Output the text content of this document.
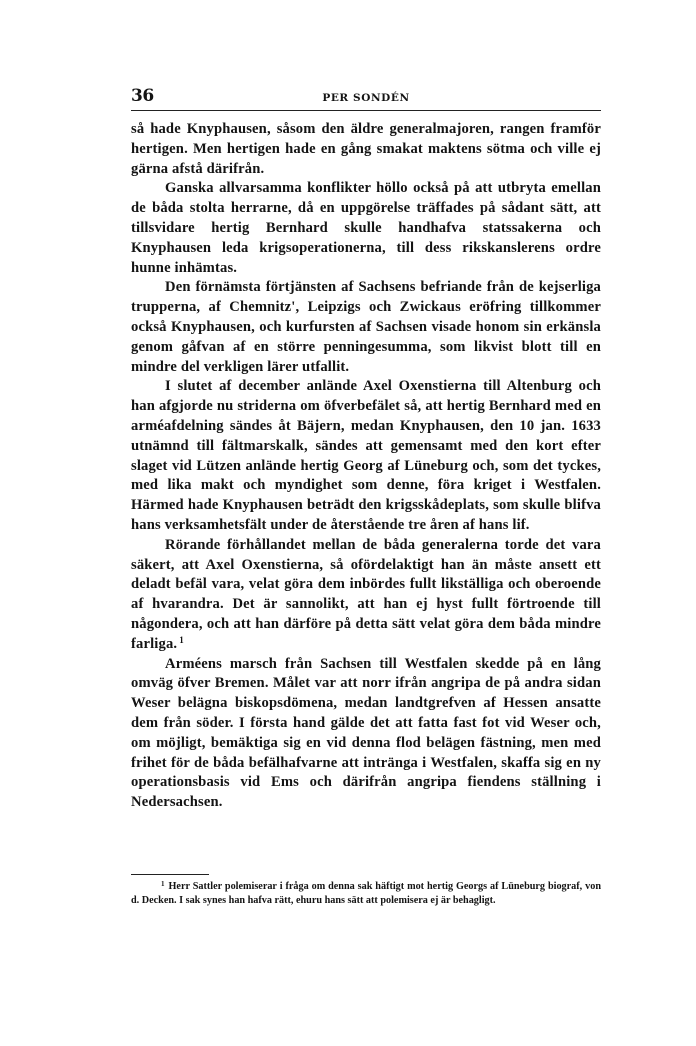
36	PER SONDÉN

så hade Knyphausen, såsom den äldre generalmajoren, rangen framför hertigen. Men hertigen hade en gång smakat maktens sötma och ville ej gärna afstå därifrån.

Ganska allvarsamma konflikter höllo också på att utbryta emellan de båda stolta herrarne, då en uppgörelse träffades på sådant sätt, att tillsvidare hertig Bernhard skulle handhafva statssakerna och Knyphausen leda krigsoperationerna, till dess rikskanslerens ordre hunne inhämtas.

Den förnämsta förtjänsten af Sachsens befriande från de kejserliga trupperna, af Chemnitz', Leipzigs och Zwickaus eröfring tillkommer också Knyphausen, och kurfursten af Sachsen visade honom sin erkänsla genom gåfvan af en större penningesumma, som likvist blott till en mindre del verkligen lärer utfallit.

I slutet af december anlände Axel Oxenstierna till Altenburg och han afgjorde nu striderna om öfverbefälet så, att hertig Bernhard med en arméafdelning sändes åt Bäjern, medan Knyphausen, den 10 jan. 1633 utnämnd till fältmarskalk, sändes att gemensamt med den kort efter slaget vid Lützen anlände hertig Georg af Lüneburg och, som det tyckes, med lika makt och myndighet som denne, föra kriget i Westfalen. Härmed hade Knyphausen beträdt den krigsskådeplats, som skulle blifva hans verksamhetsfält under de återstående tre åren af hans lif.

Rörande förhållandet mellan de båda generalerna torde det vara säkert, att Axel Oxenstierna, så ofördelaktigt han än måste ansett ett deladt befäl vara, velat göra dem inbördes fullt likställiga och oberoende af hvarandra. Det är sannolikt, att han ej hyst fullt förtroende till någondera, och att han därföre på detta sätt velat göra dem båda mindre farliga. $^1$

Arméens marsch från Sachsen till Westfalen skedde på en lång omväg öfver Bremen. Målet var att norr ifrån angripa de på andra sidan Weser belägna biskopsdömena, medan landtgrefven af Hessen ansatte dem från söder. I första hand gälde det att fatta fast fot vid Weser och, om möjligt, bemäktiga sig en vid denna flod belägen fästning, men med frihet för de båda befälhafvarne att intränga i Westfalen, skaffa sig en ny operationsbasis vid Ems och därifrån angripa fiendens ställning i Nedersachsen.

$^1$ Herr Sattler polemiserar i fråga om denna sak häftigt mot hertig Georgs af Lüneburg biograf, von d. Decken. I sak synes han hafva rätt, ehuru hans sätt att polemisera ej är behagligt.
